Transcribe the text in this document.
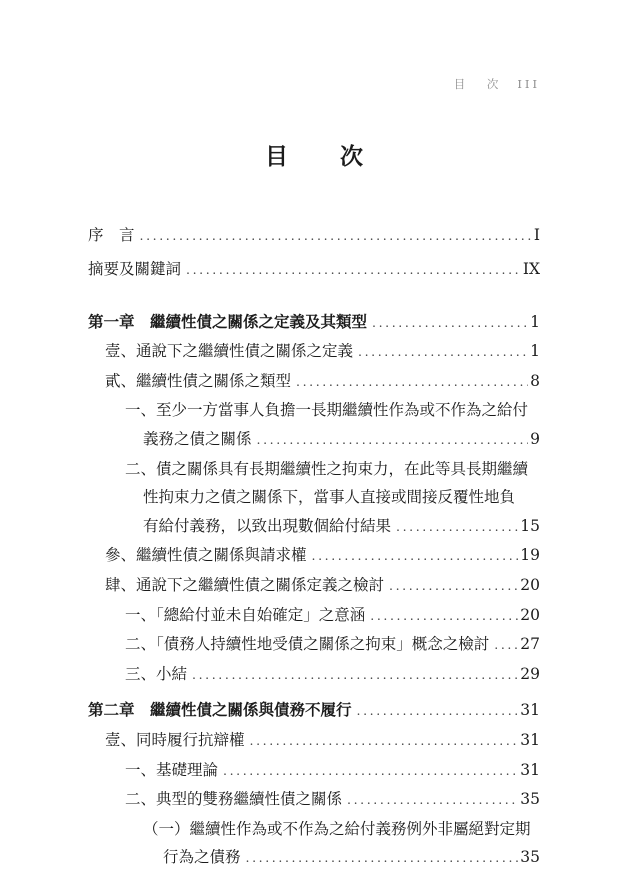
目 次 III
目 次
序　言 .....	I
摘要及關鍵詞 .....	IX
第一章　繼續性債之關係之定義及其類型 .....	1
壹、通說下之繼續性債之關係之定義 .....	1
貳、繼續性債之關係之類型 .....	8
一、至少一方當事人負擔一長期繼續性作為或不作為之給付
義務之債之關係 .....	9
二、債之關係具有長期繼續性之拘束力，在此等具長期繼續
性拘束力之債之關係下，當事人直接或間接反覆性地負
有給付義務，以致出現數個給付結果 .....	15
參、繼續性債之關係與請求權 .....	19
肆、通說下之繼續性債之關係定義之檢討 .....	20
一、「總給付並未自始確定」之意涵 .....	20
二、「債務人持續性地受債之關係之拘束」概念之檢討 ..... 27
三、小結 .....	29
第二章　繼續性債之關係與債務不履行 .....	31
壹、同時履行抗辯權 .....	31
一、基礎理論 .....	31
二、典型的雙務繼續性債之關係 .....	35
（一）繼續性作為或不作為之給付義務例外非屬絕對定期
行為之債務 .....	35
